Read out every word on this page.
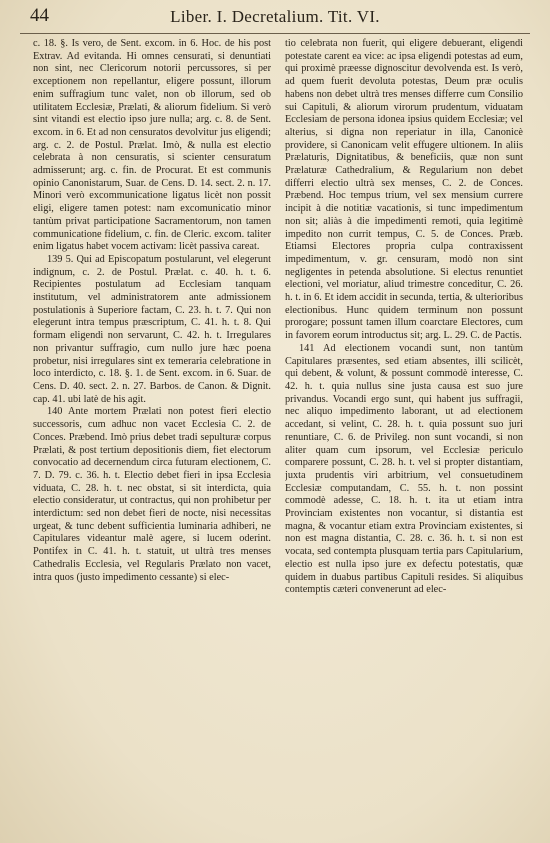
44	Liber. I. Decretalium. Tit. VI.

c. 18. §. Is vero, de Sent. excom. in 6. Hoc. de his post Extrav. Ad evitanda. Hi omnes censurati, si denuntiati non sint, nec Clericorum notorii percussores, si per exceptionem non repellantur, eligere possunt, illorum enim suffragium tunc valet, non ob illorum, sed ob utilitatem Ecclesiæ, Prælati, & aliorum fidelium. Si verò sint vitandi est electio ipso jure nulla; arg. c. 8. de Sent. excom. in 6. Et ad non censuratos devolvitur jus eligendi; arg. c. 2. de Postul. Prælat. Imò, & nulla est electio celebrata à non censuratis, si scienter censuratum admisserunt; arg. c. fin. de Procurat. Et est communis opinio Canonistarum, Suar. de Cens. D. 14. sect. 2. n. 17. Minori verò excommunicatione ligatus licèt non possit eligi, eligere tamen potest: nam excomunicatio minor tantùm privat participatione Sacramentorum, non tamen communicatione fidelium, c. fin. de Cleric. excom. taliter enim ligatus habet vocem activam: licèt passiva careat.

139 5. Qui ad Episcopatum postularunt, vel elegerunt indignum, c. 2. de Postul. Prælat. c. 40. h. t. 6. Recipientes postulatum ad Ecclesiam tanquam institutum, vel administratorem ante admissionem postulationis à Superiore factam, C. 23. h. t. 7. Qui non elegerunt intra tempus præscriptum, C. 41. h. t. 8. Qui formam eligendi non servarunt, C. 42. h. t. Irregulares non privantur suffragio, cum nullo jure hæc poena probetur, nisi irregulares sint ex temeraria celebratione in loco interdicto, c. 18. §. 1. de Sent. excom. in 6. Suar. de Cens. D. 40. sect. 2. n. 27. Barbos. de Canon. & Dignit. cap. 41. ubi latè de his agit.

140 Ante mortem Prælati non potest fieri electio successoris, cum adhuc non vacet Ecclesia C. 2. de Conces. Præbend. Imò prius debet tradi sepulturæ corpus Prælati, & post tertium depositionis diem, fiet electorum convocatio ad decernendum circa futuram electionem, C. 7. D. 79. c. 36. h. t. Electio debet fieri in ipsa Ecclesia viduata, C. 28. h. t. nec obstat, si sit interdicta, quia electio consideratur, ut contractus, qui non prohibetur per interdictum: sed non debet fieri de nocte, nisi necessitas urgeat, & tunc debent sufficientia luminaria adhiberi, ne Capitulares videantur malè agere, si lucem oderint. Pontifex in C. 41. h. t. statuit, ut ultrà tres menses Cathedralis Ecclesia, vel Regularis Prælato non vacet, intra quos (justo impedimento cessante) si elec-

tio celebrata non fuerit, qui eligere debuerant, eligendi potestate carent ea vice: ac ipsa eligendi potestas ad eum, qui proximè præesse dignoscitur devolvenda est. Is verò, ad quem fuerit devoluta potestas, Deum præ oculis habens non debet ultrà tres menses differre cum Consilio sui Capituli, & aliorum virorum prudentum, viduatam Ecclesiam de persona idonea ipsius quidem Ecclesiæ; vel alterius, si digna non reperiatur in illa, Canonicè providere, si Canonicam velit effugere ultionem. In aliis Prælaturis, Dignitatibus, & beneficiis, quæ non sunt Prælaturæ Cathedralium, & Regularium non debet differri electio ultrà sex menses, C. 2. de Conces. Præbend. Hoc tempus trium, vel sex mensium currere incipit à die notitiæ vacationis, si tunc impedimentum non sit; aliàs à die impedimenti remoti, quia legitimè impedito non currit tempus, C. 5. de Conces. Præb. Etiamsi Electores propria culpa contraxissent impedimentum, v. gr. censuram, modò non sint negligentes in petenda absolutione. Si electus renuntiet electioni, vel moriatur, aliud trimestre conceditur, C. 26. h. t. in 6. Et idem accidit in secunda, tertia, & ulterioribus electionibus. Hunc quidem terminum non possunt prorogare; possunt tamen illum coarctare Electores, cum in favorem eorum introductus sit; arg. L. 29. C. de Pactis.

141 Ad electionem vocandi sunt, non tantùm Capitulares præsentes, sed etiam absentes, illi scilicèt, qui debent, & volunt, & possunt commodè interesse, C. 42. h. t. quia nullus sine justa causa est suo jure privandus. Vocandi ergo sunt, qui habent jus suffragii, nec aliquo impedimento laborant, ut ad electionem accedant, si velint, C. 28. h. t. quia possunt suo juri renuntiare, C. 6. de Privileg. non sunt vocandi, si non aliter quam cum ipsorum, vel Ecclesiæ periculo comparere possunt, C. 28. h. t. vel si propter distantiam, juxta prudentis viri arbitrium, vel consuetudinem Ecclesiæ computandam, C. 55. h. t. non possint commodè adesse, C. 18. h. t. ita ut etiam intra Provinciam existentes non vocantur, si distantia est magna, & vocantur etiam extra Provinciam existentes, si non est magna distantia, C. 28. c. 36. h. t. si non est vocata, sed contempta plusquam tertia pars Capitularium, electio est nulla ipso jure ex defectu potestatis, quæ quidem in duabus partibus Capituli resides. Si aliquibus contemptis cæteri convenerunt ad elec-
